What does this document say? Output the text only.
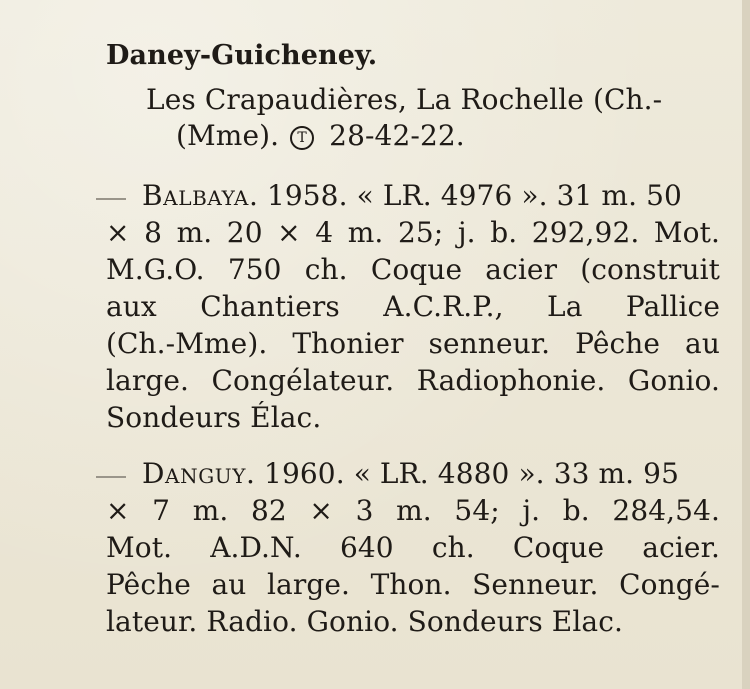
Daney-Guicheney.
Les Crapaudières, La Rochelle (Ch.-
(Mme). T 28-42-22.
Balbaya. 1958. « LR. 4976 ». 31 m. 50
× 8 m. 20 × 4 m. 25; j. b. 292,92. Mot.
M.G.O. 750 ch. Coque acier (construit
aux Chantiers A.C.R.P., La Pallice
(Ch.-Mme). Thonier senneur. Pêche au
large. Congélateur. Radiophonie. Gonio.
Sondeurs Élac.
Danguy. 1960. « LR. 4880 ». 33 m. 95
× 7 m. 82 × 3 m. 54; j. b. 284,54.
Mot. A.D.N. 640 ch. Coque acier.
Pêche au large. Thon. Senneur. Congé-
lateur. Radio. Gonio. Sondeurs Elac.
